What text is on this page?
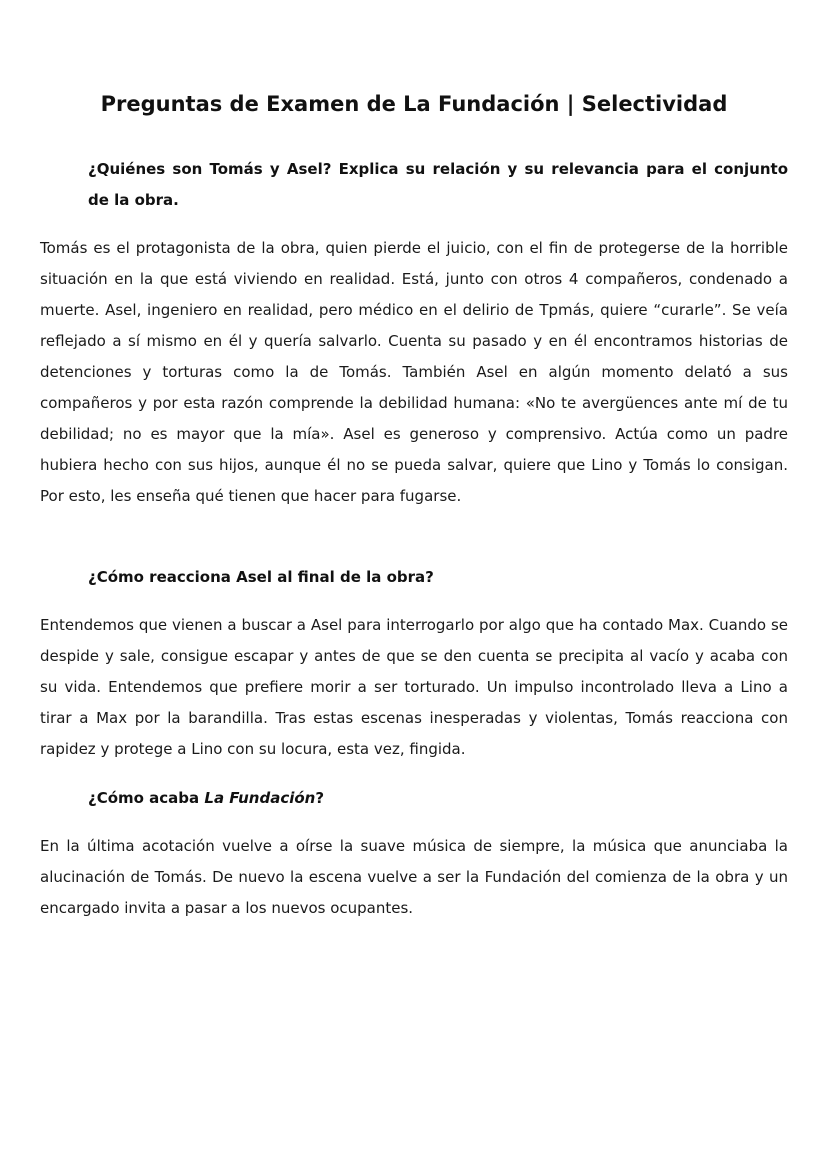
Preguntas de Examen de La Fundación | Selectividad

¿Quiénes son Tomás y Asel? Explica su relación y su relevancia para el conjunto de la obra.

Tomás es el protagonista de la obra, quien pierde el juicio, con el fin de protegerse de la horrible situación en la que está viviendo en realidad. Está, junto con otros 4 compañeros, condenado a muerte. Asel, ingeniero en realidad, pero médico en el delirio de Tpmás, quiere “curarle”. Se veía reflejado a sí mismo en él y quería salvarlo. Cuenta su pasado y en él encontramos historias de detenciones y torturas como la de Tomás. También Asel en algún momento delató a sus compañeros y por esta razón comprende la debilidad humana: «No te avergüences ante mí de tu debilidad; no es mayor que la mía». Asel es generoso y comprensivo. Actúa como un padre hubiera hecho con sus hijos, aunque él no se pueda salvar, quiere que Lino y Tomás lo consigan. Por esto, les enseña qué tienen que hacer para fugarse.

¿Cómo reacciona Asel al final de la obra?

Entendemos que vienen a buscar a Asel para interrogarlo por algo que ha contado Max. Cuando se despide y sale, consigue escapar y antes de que se den cuenta se precipita al vacío y acaba con su vida. Entendemos que prefiere morir a ser torturado. Un impulso incontrolado lleva a Lino a tirar a Max por la barandilla. Tras estas escenas inesperadas y violentas, Tomás reacciona con rapidez y protege a Lino con su locura, esta vez, fingida.

¿Cómo acaba La Fundación?

En la última acotación vuelve a oírse la suave música de siempre, la música que anunciaba la alucinación de Tomás. De nuevo la escena vuelve a ser la Fundación del comienza de la obra y un encargado invita a pasar a los nuevos ocupantes.
